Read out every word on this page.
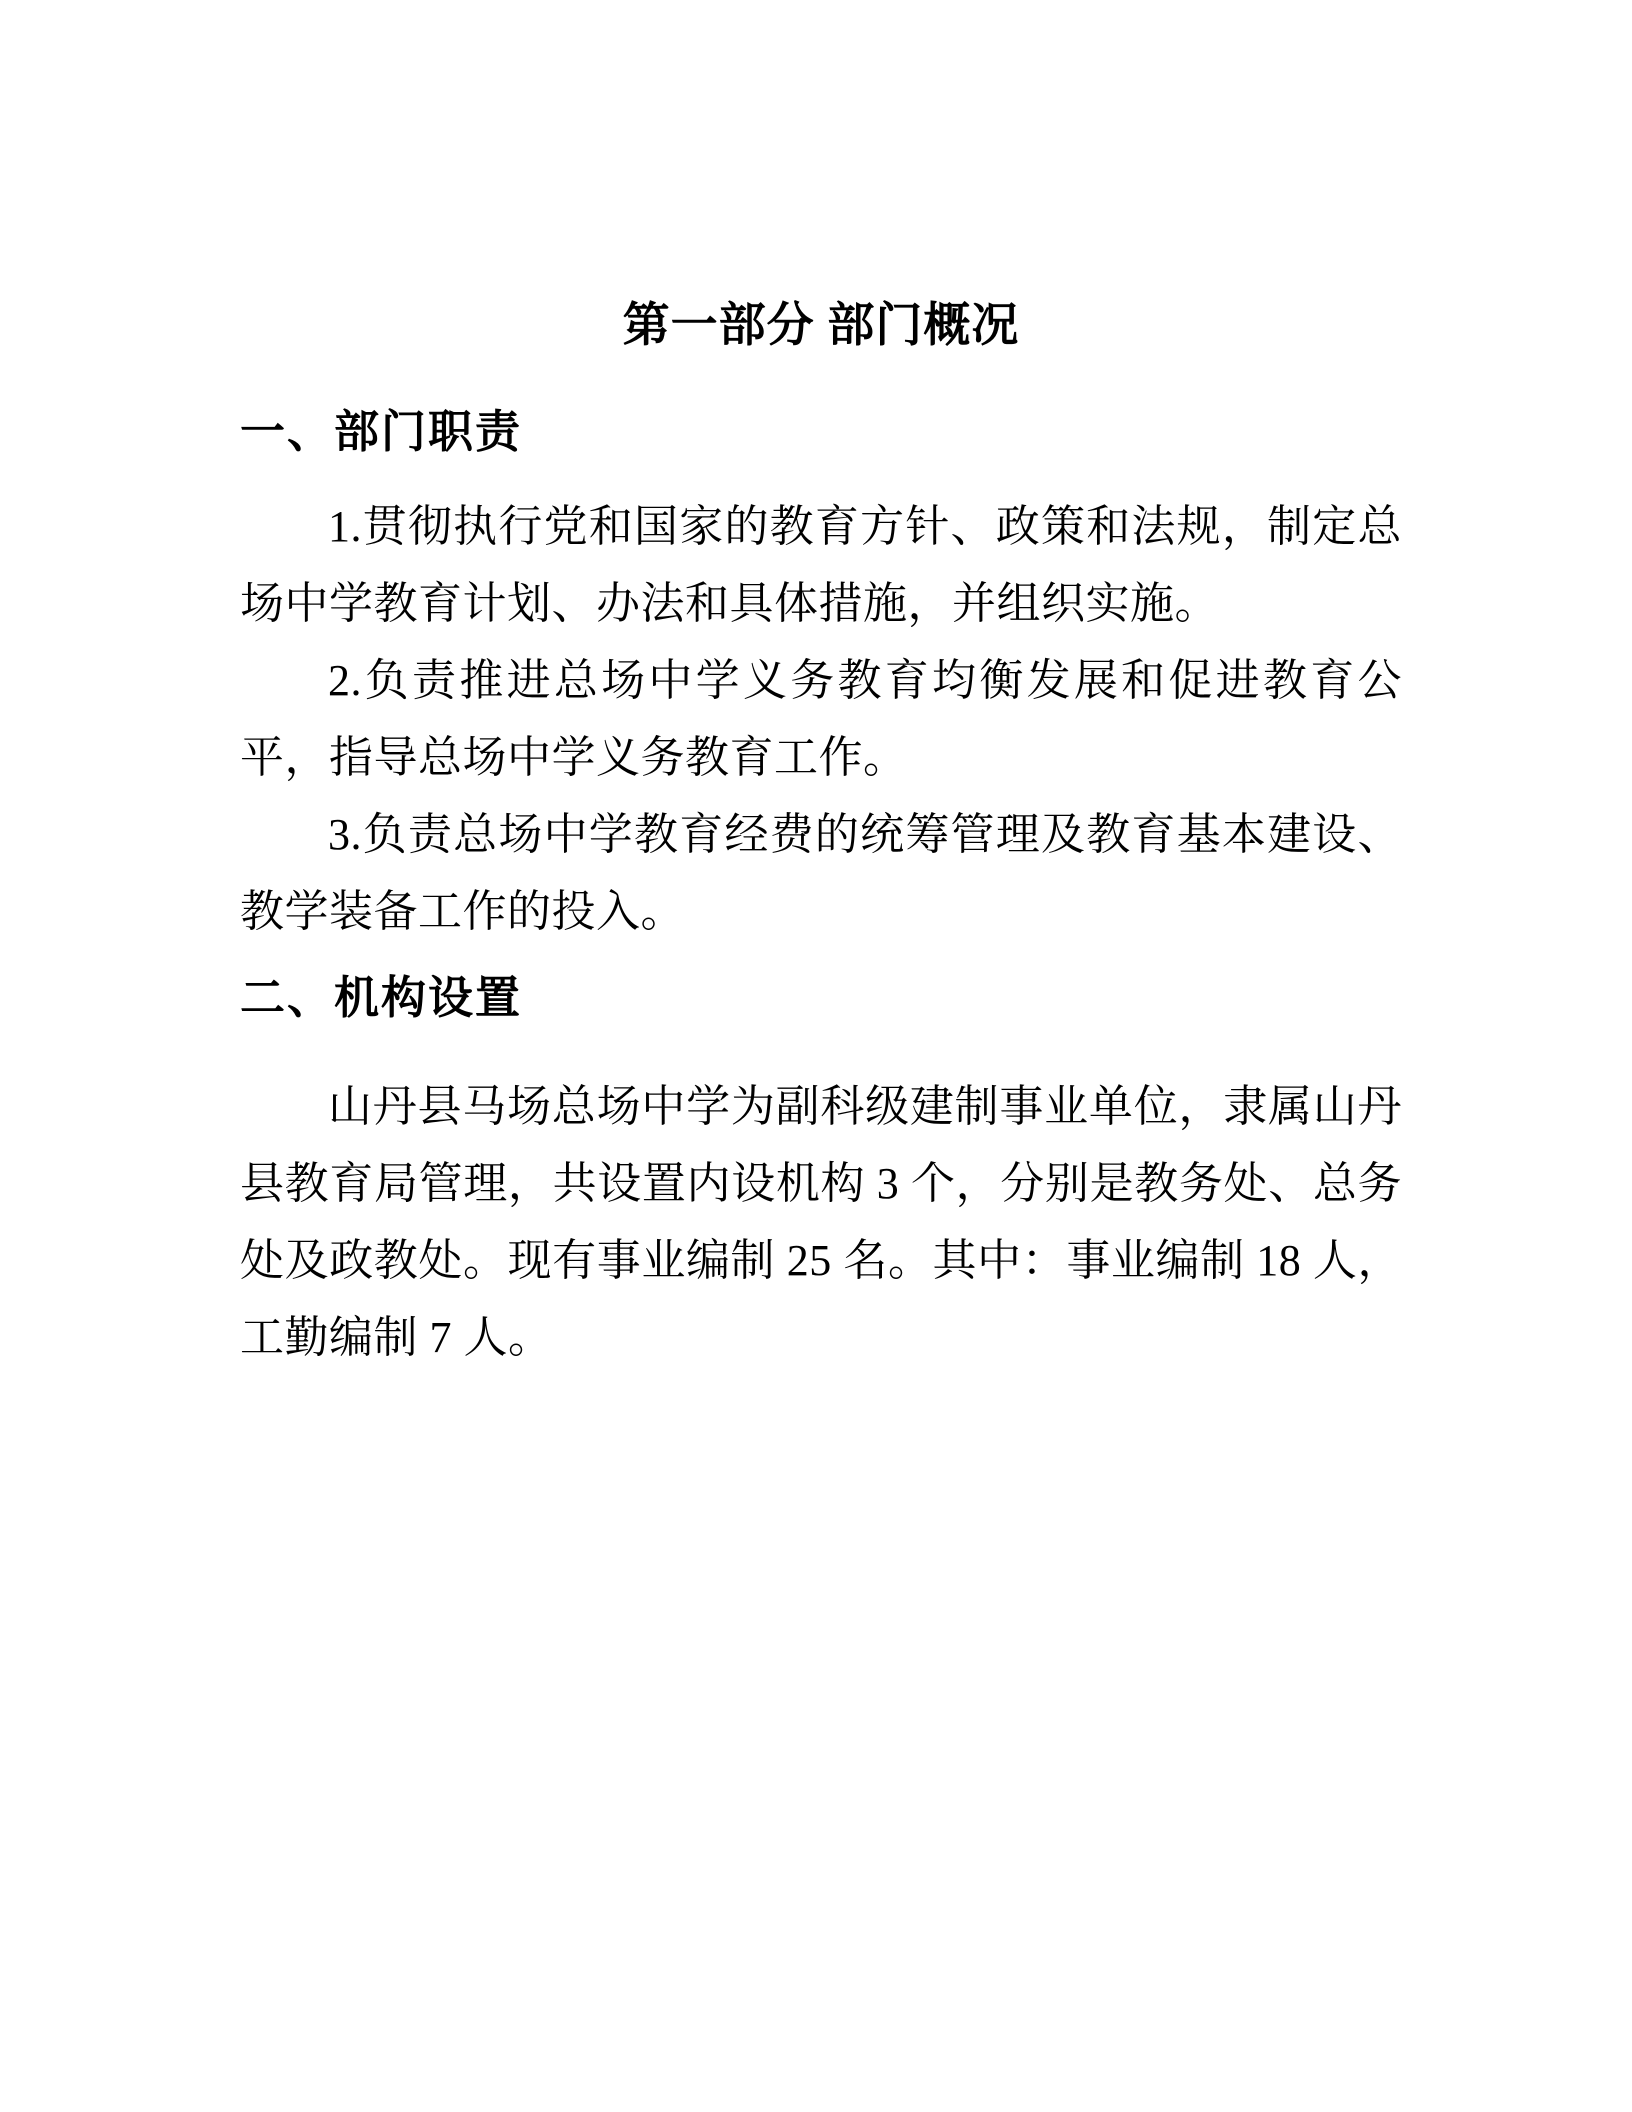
第一部分 部门概况
一、部门职责

1.贯彻执行党和国家的教育方针、政策和法规，制定总场中学教育计划、办法和具体措施，并组织实施。

2.负责推进总场中学义务教育均衡发展和促进教育公平，指导总场中学义务教育工作。

3.负责总场中学教育经费的统筹管理及教育基本建设、教学装备工作的投入。

二、机构设置

山丹县马场总场中学为副科级建制事业单位，隶属山丹县教育局管理，共设置内设机构 3 个，分别是教务处、总务处及政教处。现有事业编制 25 名。其中：事业编制 18 人，工勤编制 7 人。
